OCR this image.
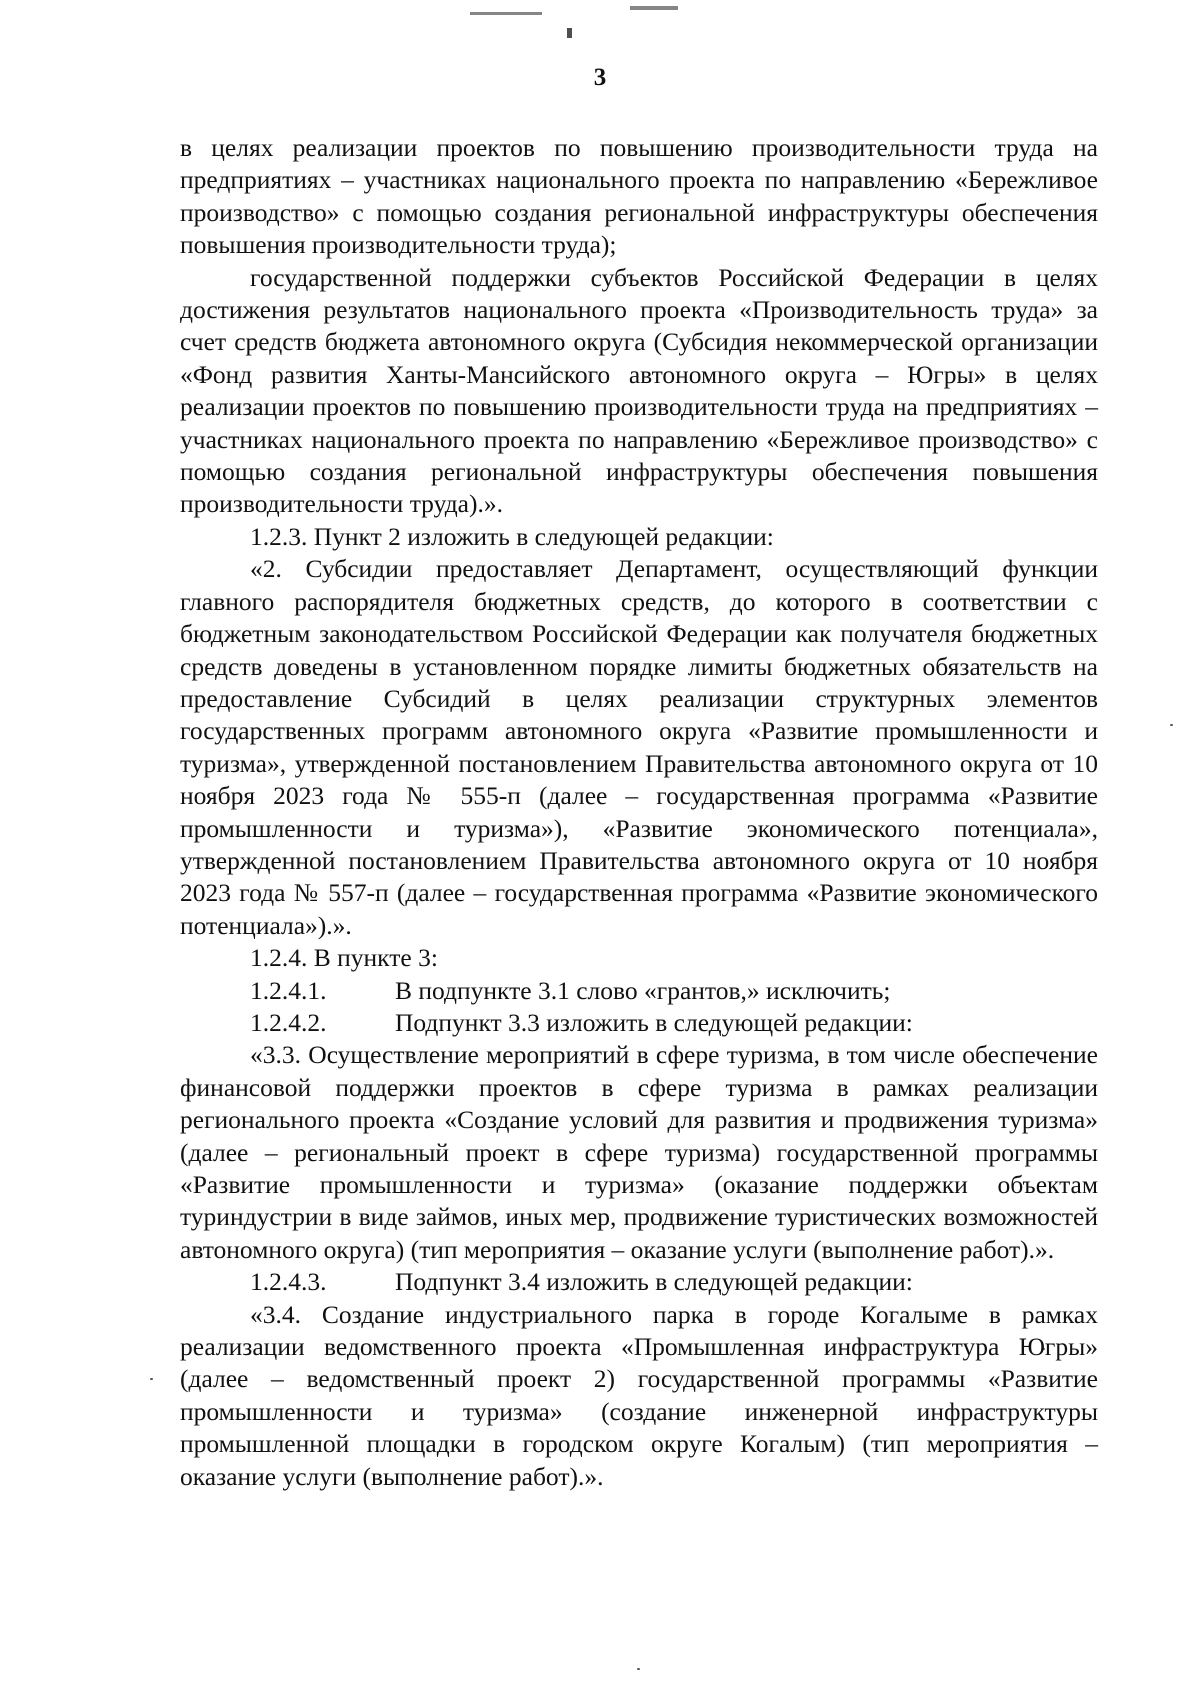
3

в целях реализации проектов по повышению производительности труда на предприятиях – участниках национального проекта по направлению «Бережливое производство» с помощью создания региональной инфраструктуры обеспечения повышения производительности труда);

государственной поддержки субъектов Российской Федерации в целях достижения результатов национального проекта «Производительность труда» за счет средств бюджета автономного округа (Субсидия некоммерческой организации «Фонд развития Ханты-Мансийского автономного округа – Югры» в целях реализации проектов по повышению производительности труда на предприятиях – участниках национального проекта по направлению «Бережливое производство» с помощью создания региональной инфраструктуры обеспечения повышения производительности труда).».

1.2.3. Пункт 2 изложить в следующей редакции:

«2. Субсидии предоставляет Департамент, осуществляющий функции главного распорядителя бюджетных средств, до которого в соответствии с бюджетным законодательством Российской Федерации как получателя бюджетных средств доведены в установленном порядке лимиты бюджетных обязательств на предоставление Субсидий в целях реализации структурных элементов государственных программ автономного округа «Развитие промышленности и туризма», утвержденной постановлением Правительства автономного округа от 10 ноября 2023 года № 555-п (далее – государственная программа «Развитие промышленности и туризма»), «Развитие экономического потенциала», утвержденной постановлением Правительства автономного округа от 10 ноября 2023 года № 557-п (далее – государственная программа «Развитие экономического потенциала»).».

1.2.4. В пункте 3:

1.2.4.1.	В подпункте 3.1 слово «грантов,» исключить;
1.2.4.2.	Подпункт 3.3 изложить в следующей редакции:

«3.3. Осуществление мероприятий в сфере туризма, в том числе обеспечение финансовой поддержки проектов в сфере туризма в рамках реализации регионального проекта «Создание условий для развития и продвижения туризма» (далее – региональный проект в сфере туризма) государственной программы «Развитие промышленности и туризма» (оказание поддержки объектам туриндустрии в виде займов, иных мер, продвижение туристических возможностей автономного округа) (тип мероприятия – оказание услуги (выполнение работ).».

1.2.4.3.	Подпункт 3.4 изложить в следующей редакции:

«3.4. Создание индустриального парка в городе Когалыме в рамках реализации ведомственного проекта «Промышленная инфраструктура Югры» (далее – ведомственный проект 2) государственной программы «Развитие промышленности и туризма» (создание инженерной инфраструктуры промышленной площадки в городском округе Когалым) (тип мероприятия – оказание услуги (выполнение работ).».
